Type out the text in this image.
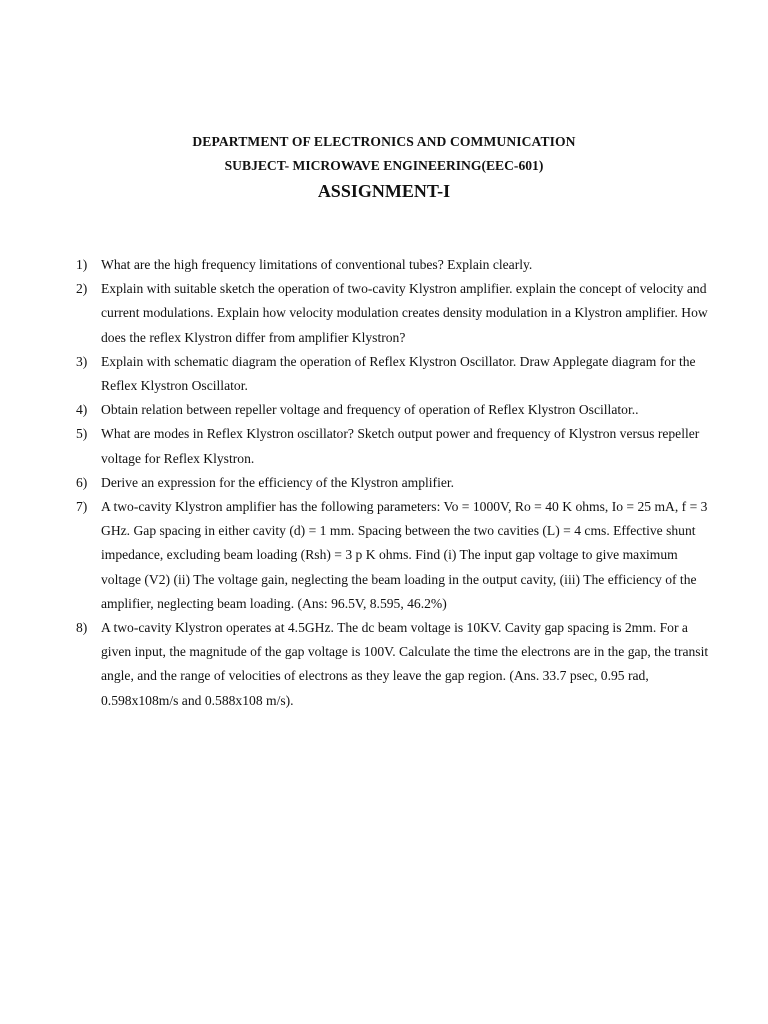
DEPARTMENT OF ELECTRONICS AND COMMUNICATION
SUBJECT- MICROWAVE ENGINEERING(EEC-601)
ASSIGNMENT-I
1) What are the high frequency limitations of conventional tubes? Explain clearly.
2) Explain with suitable sketch the operation of two-cavity Klystron amplifier. explain the concept of velocity and current modulations. Explain how velocity modulation creates density modulation in a Klystron amplifier. How does the reflex Klystron differ from amplifier Klystron?
3) Explain with schematic diagram the operation of Reflex Klystron Oscillator. Draw Applegate diagram for the Reflex Klystron Oscillator.
4) Obtain relation between repeller voltage and frequency of operation of Reflex Klystron Oscillator..
5) What are modes in Reflex Klystron oscillator? Sketch output power and frequency of Klystron versus repeller voltage for Reflex Klystron.
6) Derive an expression for the efficiency of the Klystron amplifier.
7) A two-cavity Klystron amplifier has the following parameters: Vo = 1000V, Ro = 40 K ohms, Io = 25 mA, f = 3 GHz. Gap spacing in either cavity (d) = 1 mm. Spacing between the two cavities (L) = 4 cms. Effective shunt impedance, excluding beam loading (Rsh) = 3 p K ohms. Find (i) The input gap voltage to give maximum voltage (V2) (ii) The voltage gain, neglecting the beam loading in the output cavity, (iii) The efficiency of the amplifier, neglecting beam loading. (Ans: 96.5V, 8.595, 46.2%)
8) A two-cavity Klystron operates at 4.5GHz. The dc beam voltage is 10KV. Cavity gap spacing is 2mm. For a given input, the magnitude of the gap voltage is 100V. Calculate the time the electrons are in the gap, the transit angle, and the range of velocities of electrons as they leave the gap region. (Ans. 33.7 psec, 0.95 rad, 0.598x108m/s and 0.588x108 m/s).
